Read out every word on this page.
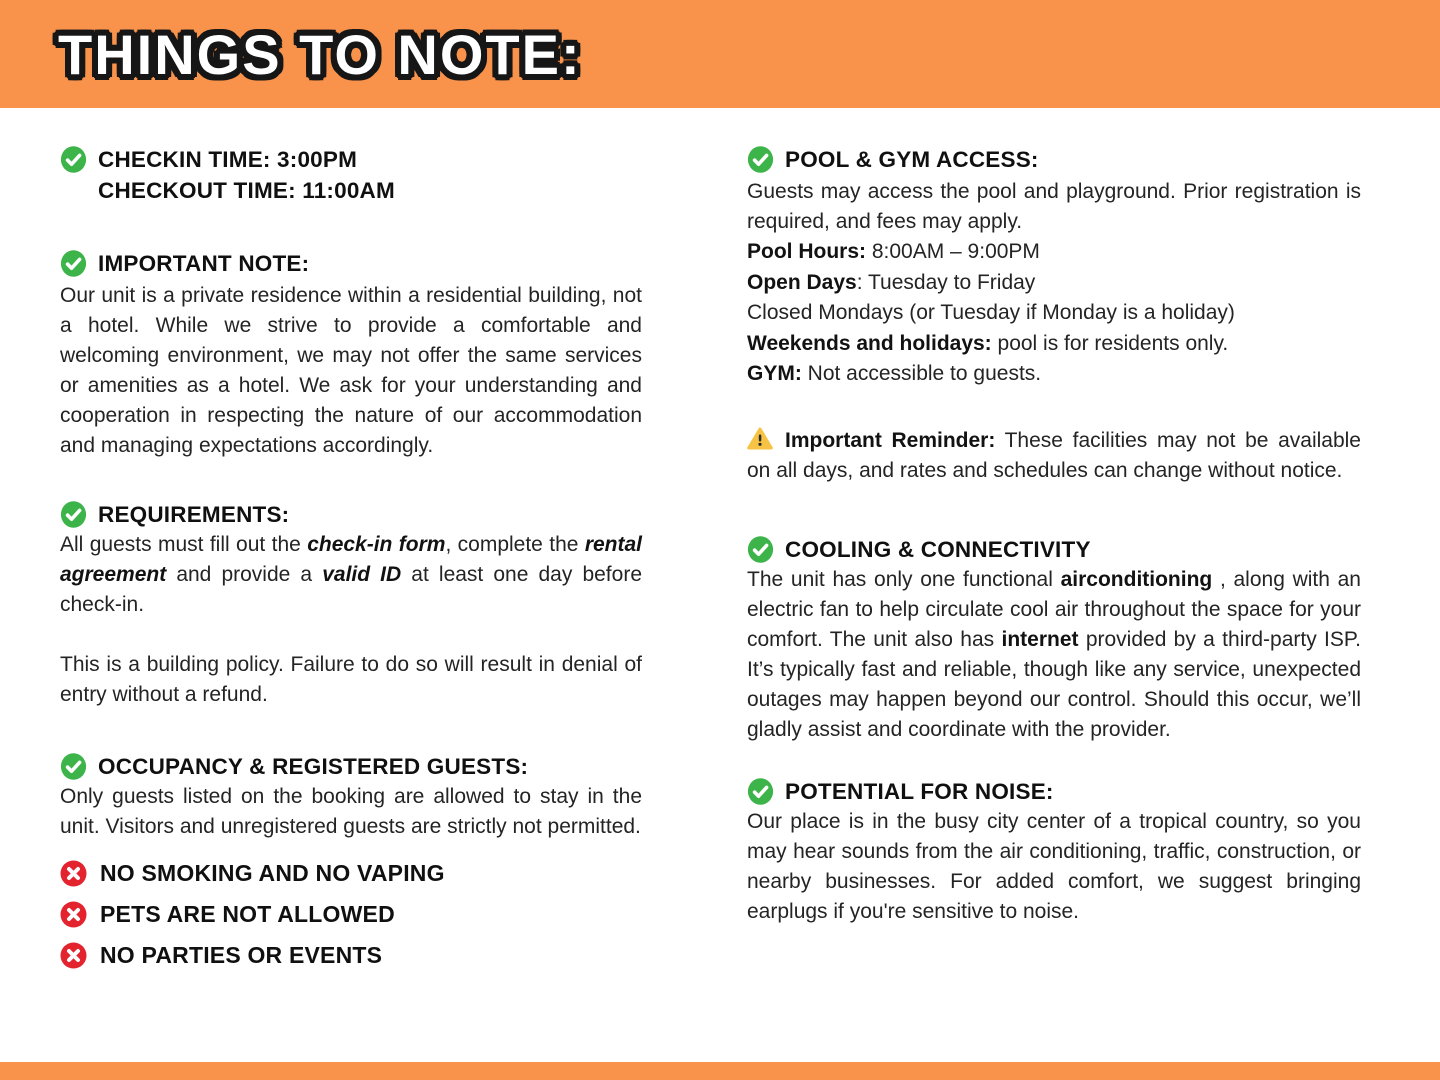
THINGS TO NOTE:
CHECKIN TIME: 3:00PM
CHECKOUT TIME: 11:00AM
IMPORTANT NOTE:

Our unit is a private residence within a residential building, not a hotel. While we strive to provide a comfortable and welcoming environment, we may not offer the same services or amenities as a hotel. We ask for your understanding and cooperation in respecting the nature of our accommodation and managing expectations accordingly.

REQUIREMENTS:

All guests must fill out the check-in form, complete the rental agreement and provide a valid ID at least one day before check-in.

This is a building policy. Failure to do so will result in denial of entry without a refund.

OCCUPANCY & REGISTERED GUESTS:

Only guests listed on the booking are allowed to stay in the unit. Visitors and unregistered guests are strictly not permitted.

NO SMOKING AND NO VAPING
PETS ARE NOT ALLOWED
NO PARTIES OR EVENTS
POOL & GYM ACCESS:

Guests may access the pool and playground. Prior registration is required, and fees may apply.

Pool Hours: 8:00AM – 9:00PM
Open Days: Tuesday to Friday
Closed Mondays (or Tuesday if Monday is a holiday)
Weekends and holidays: pool is for residents only.
GYM: Not accessible to guests.

Important Reminder: These facilities may not be available on all days, and rates and schedules can change without notice.

COOLING & CONNECTIVITY

The unit has only one functional airconditioning , along with an electric fan to help circulate cool air throughout the space for your comfort. The unit also has internet provided by a third-party ISP. It’s typically fast and reliable, though like any service, unexpected outages may happen beyond our control. Should this occur, we’ll gladly assist and coordinate with the provider.

POTENTIAL FOR NOISE:

Our place is in the busy city center of a tropical country, so you may hear sounds from the air conditioning, traffic, construction, or nearby businesses. For added comfort, we suggest bringing earplugs if you're sensitive to noise.
